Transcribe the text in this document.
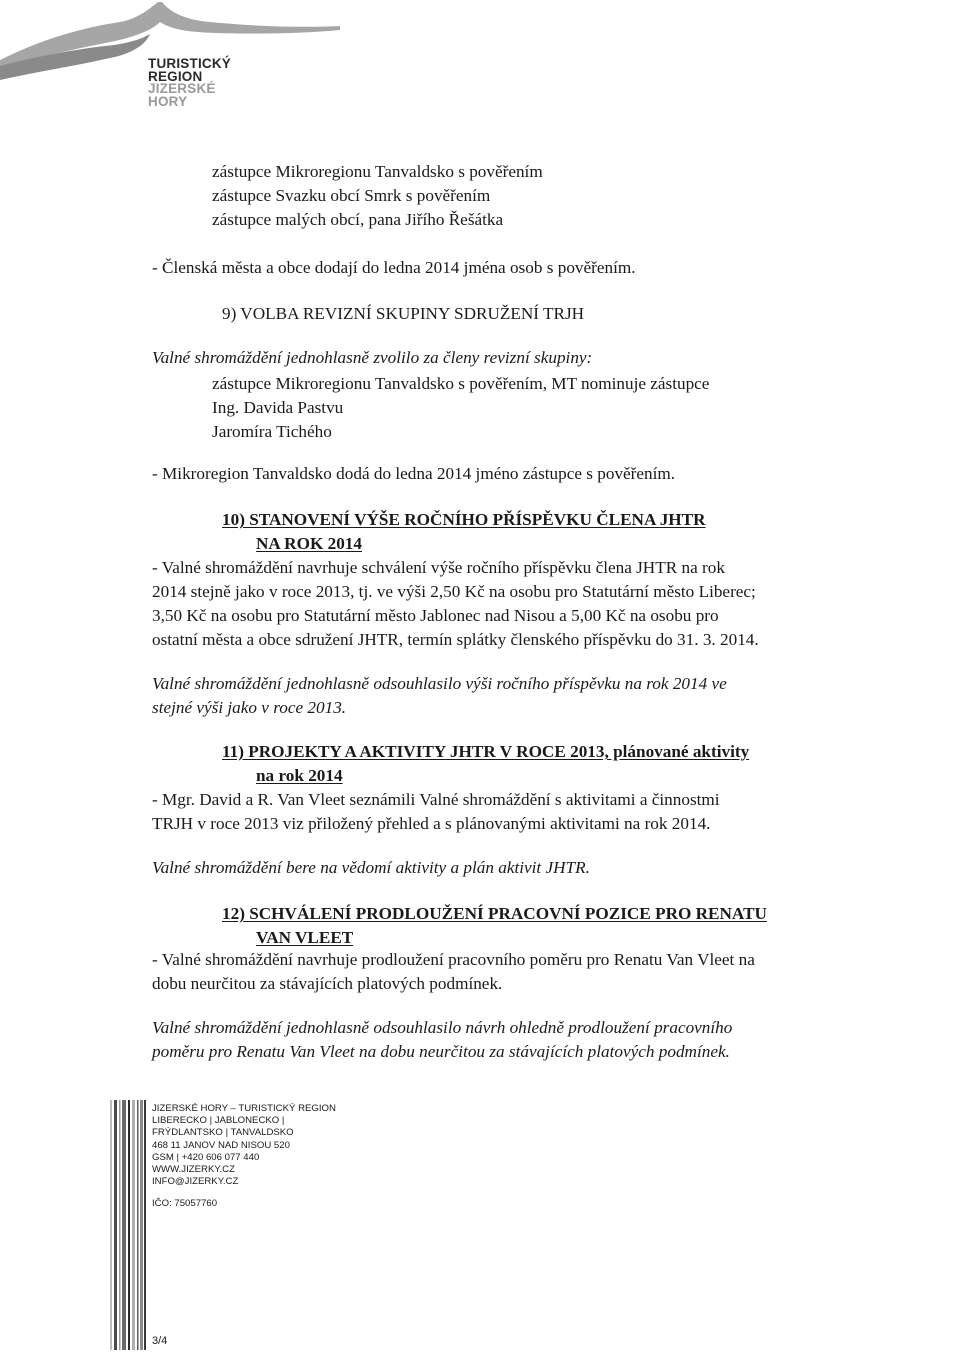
TURISTICKÝ
REGION
JIZERSKÉ
HORY
zástupce Mikroregionu Tanvaldsko s pověřením
zástupce Svazku obcí Smrk s pověřením
zástupce malých obcí, pana Jiřího Řešátka
- Členská města a obce dodají do ledna 2014 jména osob s pověřením.
9) VOLBA REVIZNÍ SKUPINY SDRUŽENÍ TRJH
Valné shromáždění jednohlasně zvolilo za členy revizní skupiny:
zástupce Mikroregionu Tanvaldsko s pověřením, MT nominuje zástupce
Ing. Davida Pastvu
Jaromíra Tichého
- Mikroregion Tanvaldsko dodá do ledna 2014 jméno zástupce s pověřením.
10) STANOVENÍ VÝŠE ROČNÍHO PŘÍSPĚVKU ČLENA JHTR
NA ROK 2014
- Valné shromáždění navrhuje schválení výše ročního příspěvku člena JHTR na rok
2014 stejně jako v roce 2013, tj. ve výši 2,50 Kč na osobu pro Statutární město Liberec;
3,50 Kč na osobu pro Statutární město Jablonec nad Nisou a 5,00 Kč na osobu pro
ostatní města a obce sdružení JHTR, termín splátky členského příspěvku do 31. 3. 2014.
Valné shromáždění jednohlasně odsouhlasilo výši ročního příspěvku na rok 2014 ve
stejné výši jako v roce 2013.
11) PROJEKTY A AKTIVITY JHTR V ROCE 2013, plánované aktivity
na rok 2014
- Mgr. David a R. Van Vleet seznámili Valné shromáždění s aktivitami a činnostmi
TRJH v roce 2013 viz přiložený přehled a s plánovanými aktivitami na rok 2014.
Valné shromáždění bere na vědomí aktivity a plán aktivit JHTR.
12) SCHVÁLENÍ PRODLOUŽENÍ PRACOVNÍ POZICE PRO RENATU
VAN VLEET
- Valné shromáždění navrhuje prodloužení pracovního poměru pro Renatu Van Vleet na
dobu neurčitou za stávajících platových podmínek.
Valné shromáždění jednohlasně odsouhlasilo návrh ohledně prodloužení pracovního
poměru pro Renatu Van Vleet na dobu neurčitou za stávajících platových podmínek.
JIZERSKÉ HORY – TURISTICKÝ REGION
LIBERECKO | JABLONECKO |
FRÝDLANTSKO | TANVALDSKO
468 11 JANOV NAD NISOU 520
GSM | +420 606 077 440
WWW.JIZERKY.CZ
INFO@JIZERKY.CZ
IČO: 75057760
3/4
